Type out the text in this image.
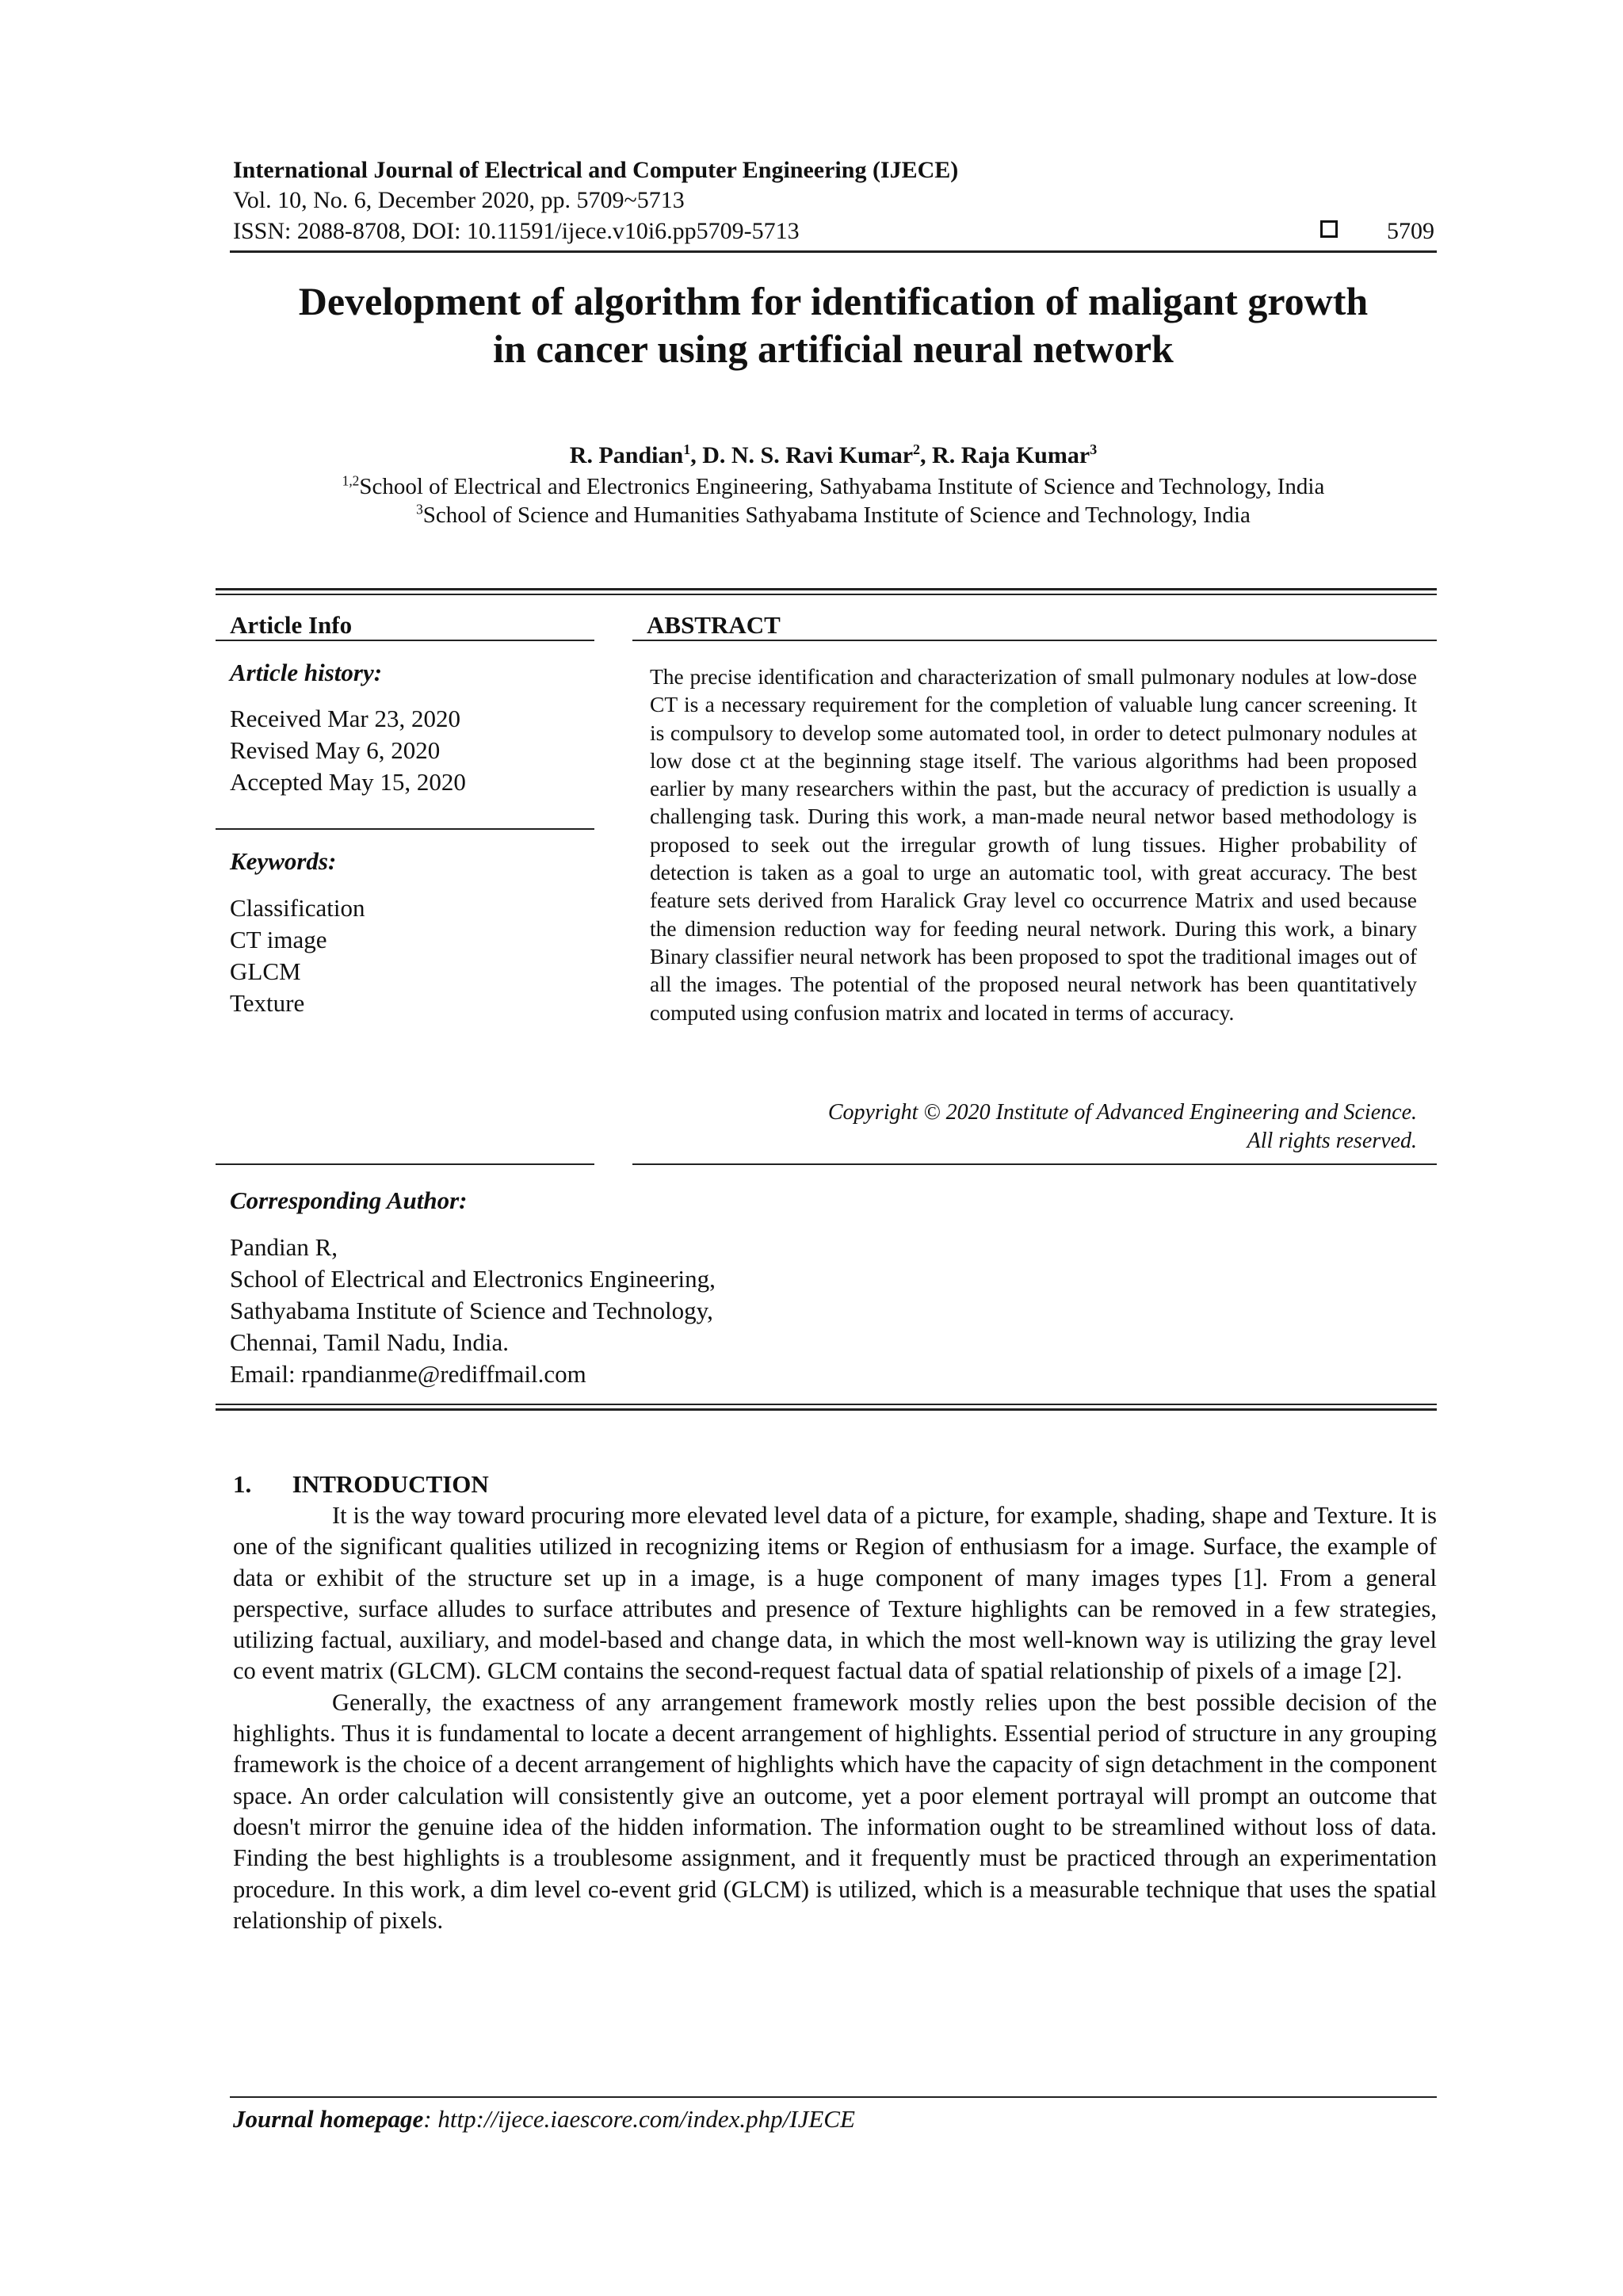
International Journal of Electrical and Computer Engineering (IJECE)
Vol. 10, No. 6, December 2020, pp. 5709~5713
ISSN: 2088-8708, DOI: 10.11591/ijece.v10i6.pp5709-5713	5709
Development of algorithm for identification of maligant growth
in cancer using artificial neural network
R. Pandian$^1$, D. N. S. Ravi Kumar$^2$, R. Raja Kumar$^3$
$^{1,2}$School of Electrical and Electronics Engineering, Sathyabama Institute of Science and Technology, India
$^3$School of Science and Humanities Sathyabama Institute of Science and Technology, India
Article Info
Article history:
Received Mar 23, 2020
Revised May 6, 2020
Accepted May 15, 2020
Keywords:
Classification
CT image
GLCM
Texture
ABSTRACT
The precise identification and characterization of small pulmonary nodules at low-dose CT is a necessary requirement for the completion of valuable lung cancer screening. It is compulsory to develop some automated tool, in order to detect pulmonary nodules at low dose ct at the beginning stage itself. The various algorithms had been proposed earlier by many researchers within the past, but the accuracy of prediction is usually a challenging task. During this work, a man-made neural networ based methodology is proposed to seek out the irregular growth of lung tissues. Higher probability of detection is taken as a goal to urge an automatic tool, with great accuracy. The best feature sets derived from Haralick Gray level co occurrence Matrix and used because the dimension reduction way for feeding neural network. During this work, a binary Binary classifier neural network has been proposed to spot the traditional images out of all the images. The potential of the proposed neural network has been quantitatively computed using confusion matrix and located in terms of accuracy.
Copyright © 2020 Institute of Advanced Engineering and Science.
All rights reserved.
Corresponding Author:
Pandian R,
School of Electrical and Electronics Engineering,
Sathyabama Institute of Science and Technology,
Chennai, Tamil Nadu, India.
Email: rpandianme@rediffmail.com
1. INTRODUCTION

It is the way toward procuring more elevated level data of a picture, for example, shading, shape and Texture. It is one of the significant qualities utilized in recognizing items or Region of enthusiasm for a image. Surface, the example of data or exhibit of the structure set up in a image, is a huge component of many images types [1]. From a general perspective, surface alludes to surface attributes and presence of Texture highlights can be removed in a few strategies, utilizing factual, auxiliary, and model-based and change data, in which the most well-known way is utilizing the gray level co event matrix (GLCM). GLCM contains the second-request factual data of spatial relationship of pixels of a image [2].

Generally, the exactness of any arrangement framework mostly relies upon the best possible decision of the highlights. Thus it is fundamental to locate a decent arrangement of highlights. Essential period of structure in any grouping framework is the choice of a decent arrangement of highlights which have the capacity of sign detachment in the component space. An order calculation will consistently give an outcome, yet a poor element portrayal will prompt an outcome that doesn't mirror the genuine idea of the hidden information. The information ought to be streamlined without loss of data. Finding the best highlights is a troublesome assignment, and it frequently must be practiced through an experimentation procedure. In this work, a dim level co-event grid (GLCM) is utilized, which is a measurable technique that uses the spatial relationship of pixels.

Journal homepage: http://ijece.iaescore.com/index.php/IJECE
